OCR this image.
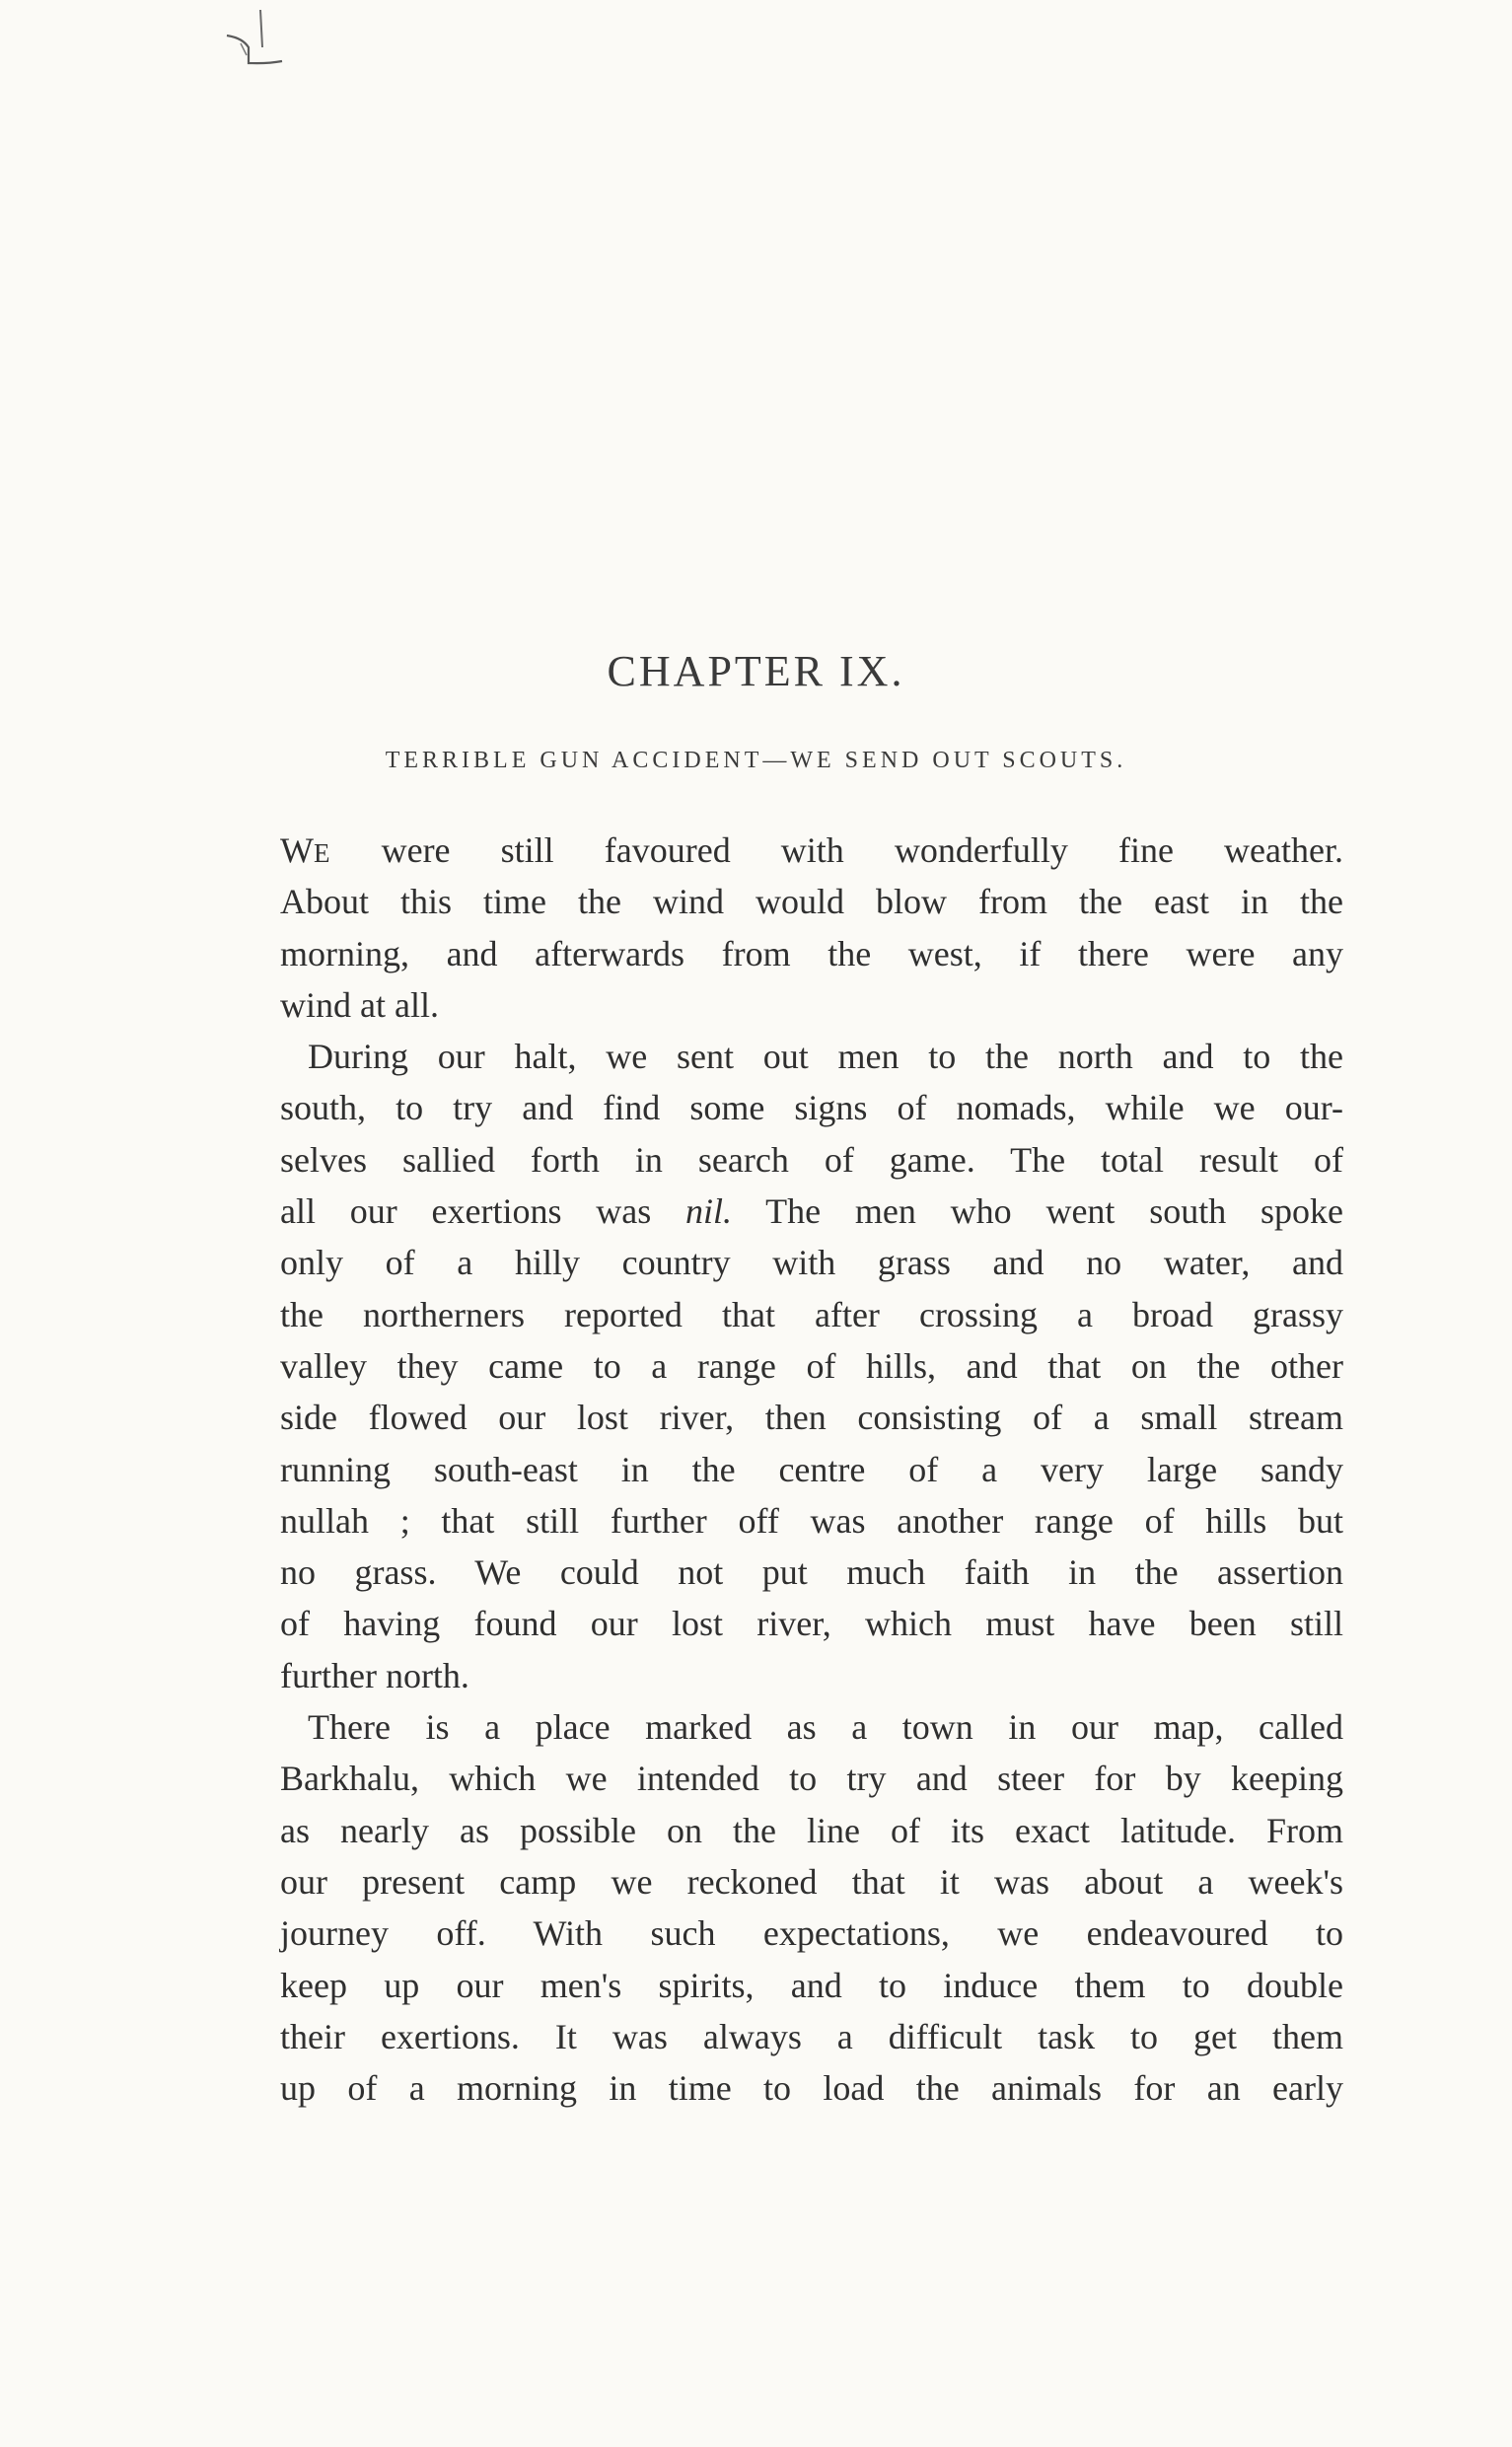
CHAPTER IX.
TERRIBLE GUN ACCIDENT—WE SEND OUT SCOUTS.
WE were still favoured with wonderfully fine weather.
About this time the wind would blow from the east in the
morning, and afterwards from the west, if there were any
wind at all.
During our halt, we sent out men to the north and to the
south, to try and find some signs of nomads, while we our-
selves sallied forth in search of game. The total result of
all our exertions was nil. The men who went south spoke
only of a hilly country with grass and no water, and
the northerners reported that after crossing a broad grassy
valley they came to a range of hills, and that on the other
side flowed our lost river, then consisting of a small stream
running south-east in the centre of a very large sandy
nullah ; that still further off was another range of hills but
no grass. We could not put much faith in the assertion
of having found our lost river, which must have been still
further north.
There is a place marked as a town in our map, called
Barkhalu, which we intended to try and steer for by keeping
as nearly as possible on the line of its exact latitude. From
our present camp we reckoned that it was about a week's
journey off. With such expectations, we endeavoured to
keep up our men's spirits, and to induce them to double
their exertions. It was always a difficult task to get them
up of a morning in time to load the animals for an early
